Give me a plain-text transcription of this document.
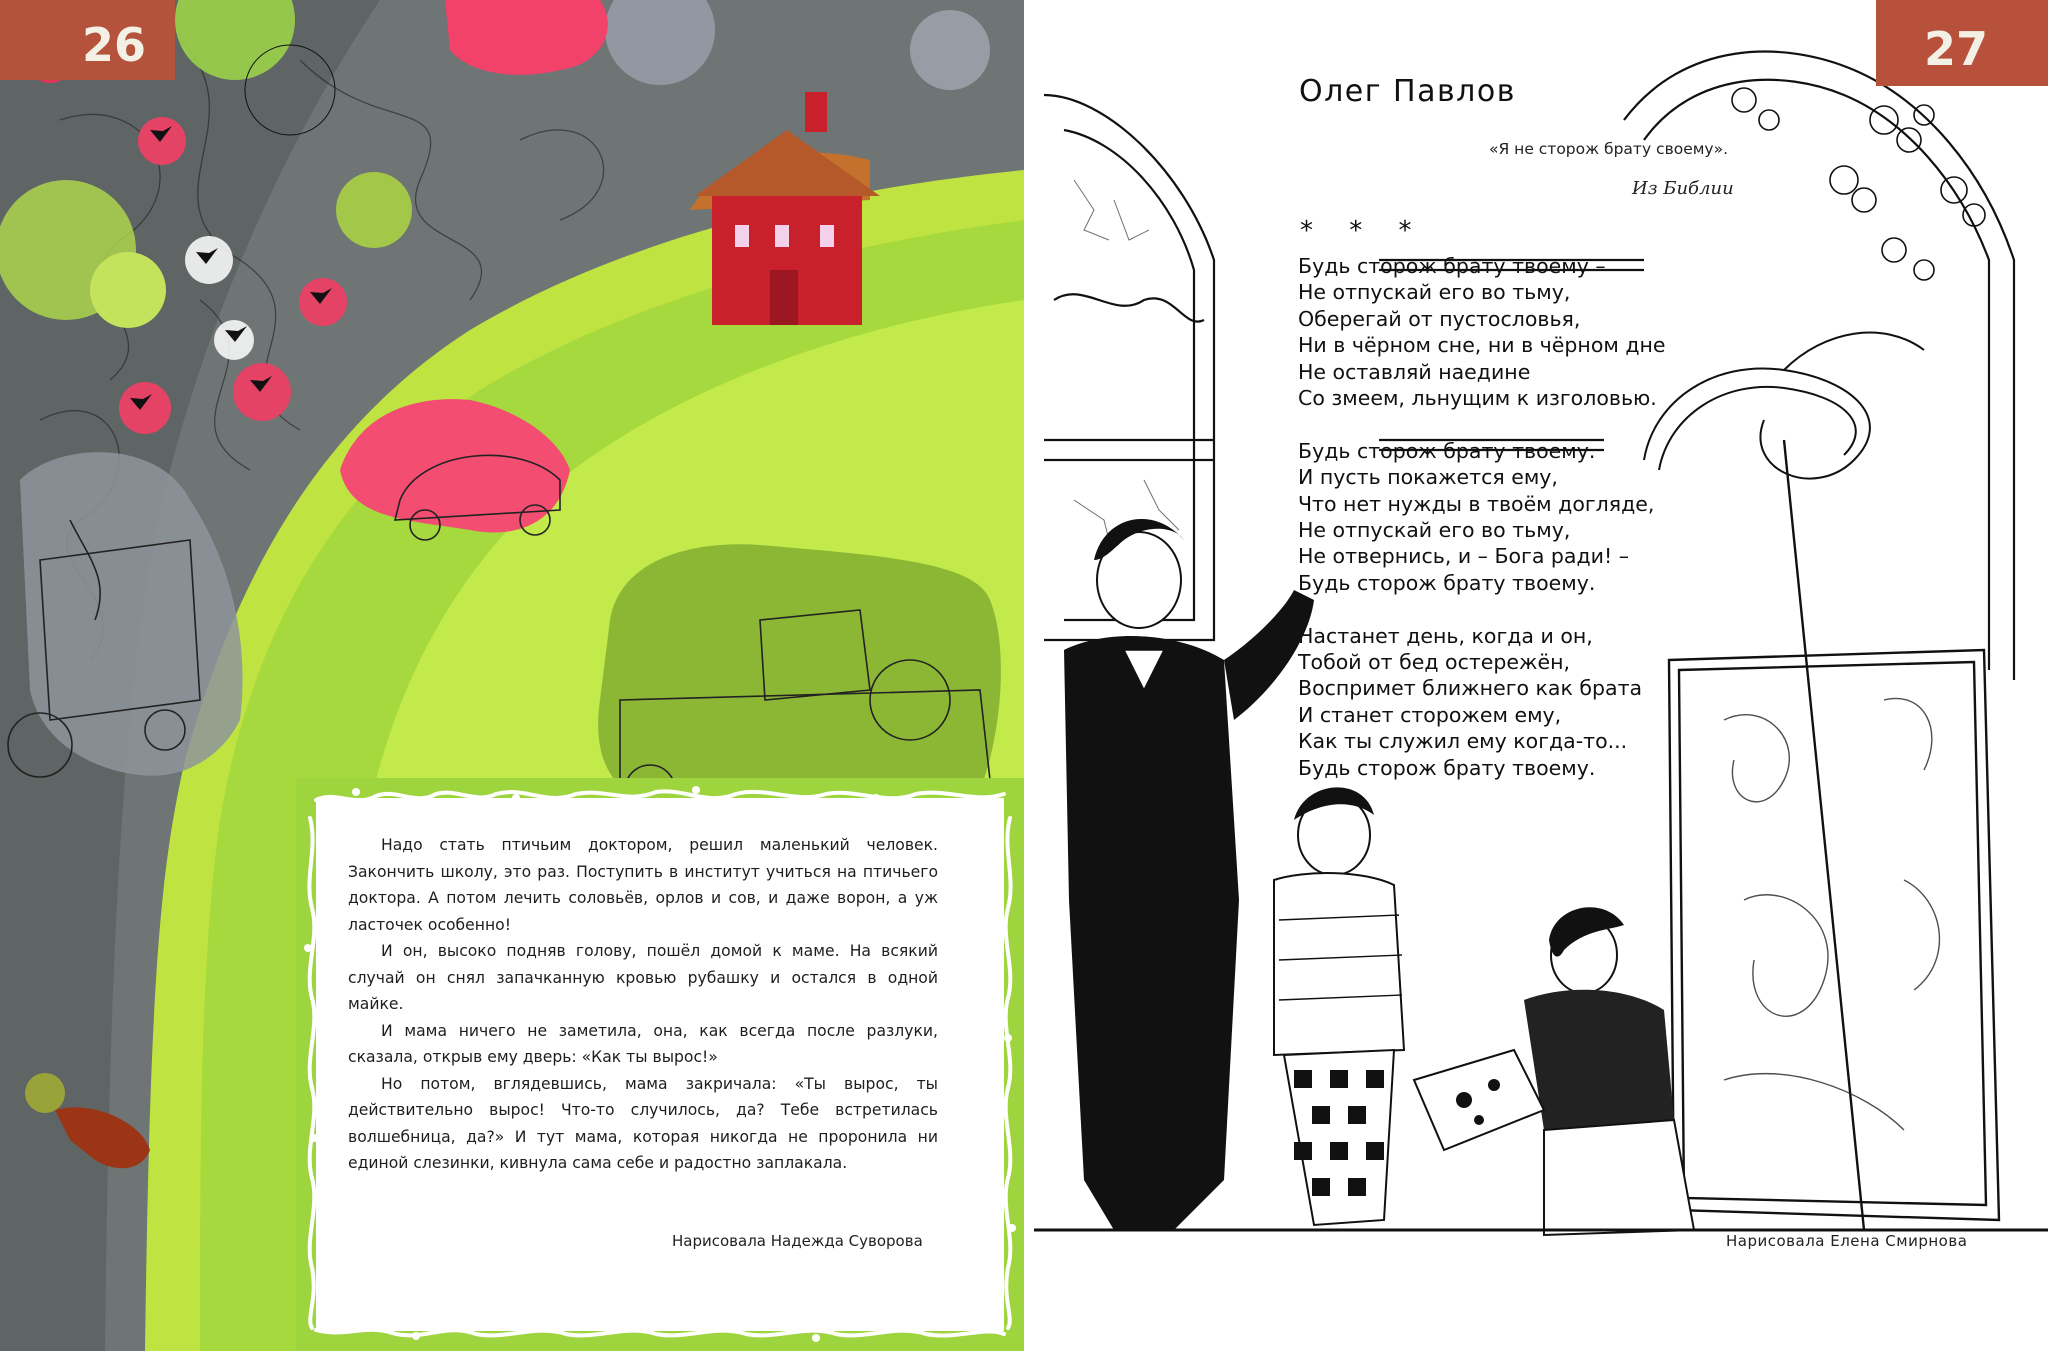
26

Надо стать птичьим доктором, решил маленький человек. Закончить школу, это раз. Поступить в институт учиться на птичьего доктора. А потом лечить соловьёв, орлов и сов, и даже ворон, а уж ласточек особенно!

И он, высоко подняв голову, пошёл домой к маме. На всякий случай он снял запачканную кровью рубашку и остался в одной майке.

И мама ничего не заметила, она, как всегда после разлуки, сказала, открыв ему дверь: «Как ты вырос!»

Но потом, вглядевшись, мама закричала: «Ты вырос, ты действительно вырос! Что-то случилось, да? Тебе встретилась волшебница, да?» И тут мама, которая никогда не проронила ни единой слезинки, кивнула сама себе и радостно заплакала.

Нарисовала Надежда Суворова
27
Олег Павлов
«Я не сторож брату своему».
Из Библии
* * *
Будь сторож брату твоему –
Не отпускай его во тьму,
Оберегай от пустословья,
Ни в чёрном сне, ни в чёрном дне
Не оставляй наедине
Со змеем, льнущим к изголовью.
Будь сторож брату твоему.
И пусть покажется ему,
Что нет нужды в твоём догляде,
Не отпускай его во тьму,
Не отвернись, и – Бога ради! –
Будь сторож брату твоему.
Настанет день, когда и он,
Тобой от бед остережён,
Воспримет ближнего как брата
И станет сторожем ему,
Как ты служил ему когда-то...
Будь сторож брату твоему.
Нарисовала Елена Смирнова
